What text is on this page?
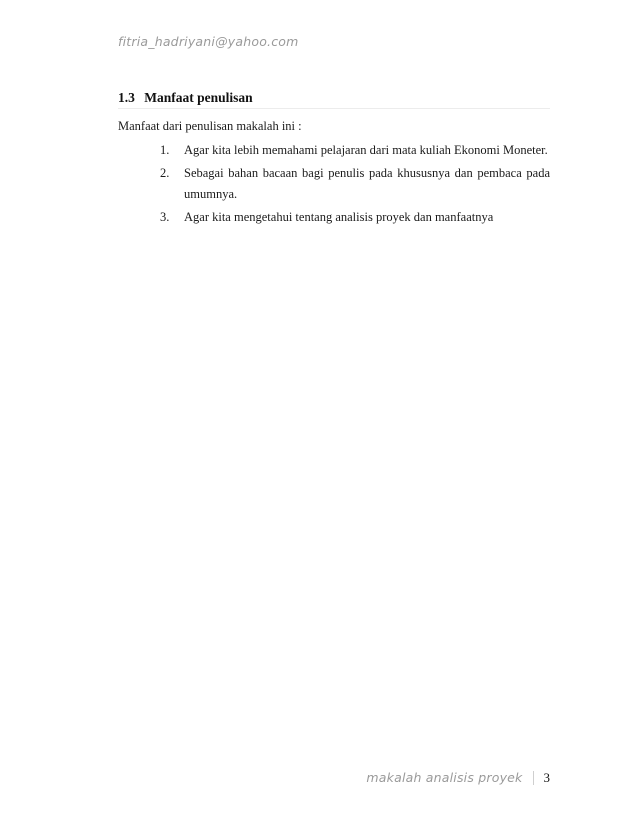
fitria_hadriyani@yahoo.com
1.3 Manfaat penulisan
Manfaat dari penulisan makalah ini :
1. Agar kita lebih memahami pelajaran dari mata kuliah Ekonomi Moneter.
2. Sebagai bahan bacaan bagi penulis pada khususnya dan pembaca pada umumnya.
3. Agar kita mengetahui tentang analisis proyek dan manfaatnya
makalah analisis proyek 3
